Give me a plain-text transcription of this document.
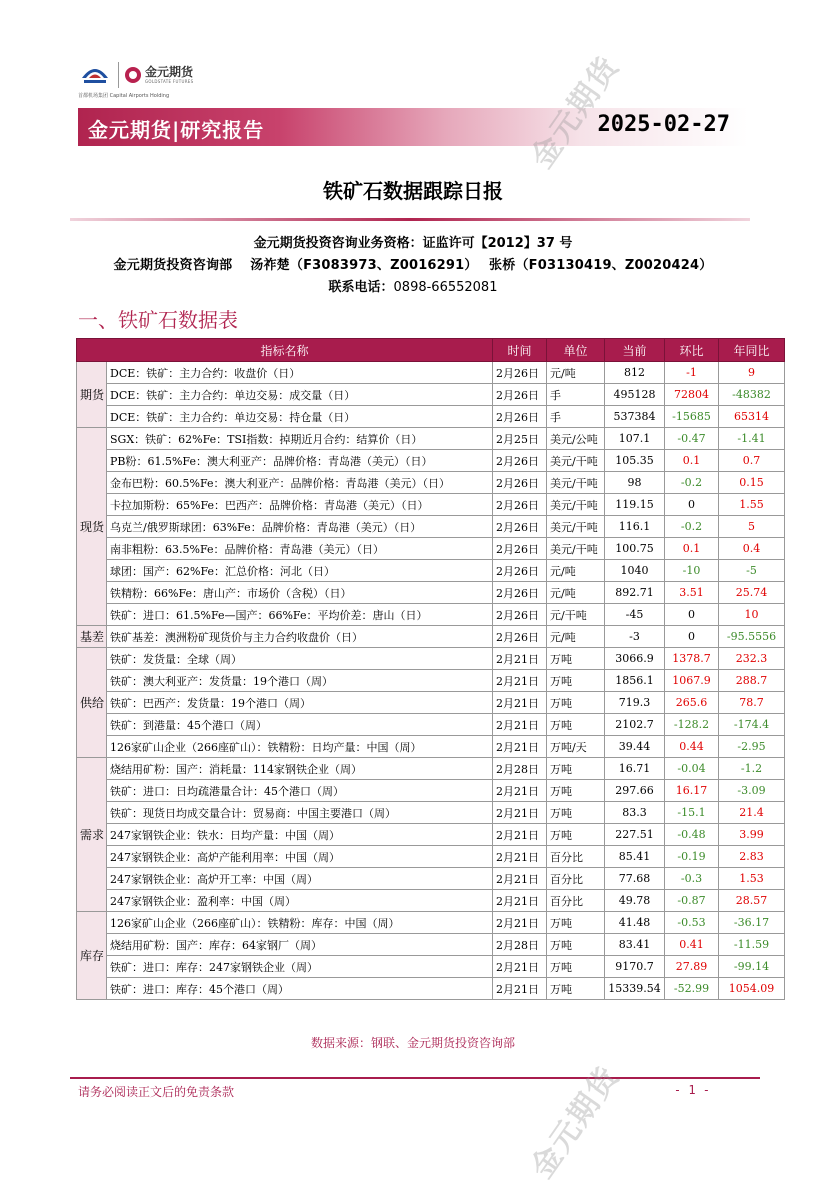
首都机场集团 Capital Airports Holding
金元期货
GOLDSTATE FUTURES
金元期货|研究报告	2025-02-27
铁矿石数据跟踪日报
金元期货投资咨询业务资格：证监许可【2012】37 号
金元期货投资咨询部　 汤祚楚（F3083973、Z0016291）　 张桥（F03130419、Z0020424）
联系电话：0898-66552081
一、铁矿石数据表
指标名称		时间	单位	当前	环比	年同比
期货	DCE：铁矿：主力合约：收盘价（日）	2月26日	元/吨	812	-1	9
	DCE：铁矿：主力合约：单边交易：成交量（日）	2月26日	手	495128	72804	-48382
	DCE：铁矿：主力合约：单边交易：持仓量（日）	2月26日	手	537384	-15685	65314
现货	SGX：铁矿：62%Fe：TSI指数：掉期近月合约：结算价（日）	2月25日	美元/公吨	107.1	-0.47	-1.41
	PB粉：61.5%Fe：澳大利亚产：品牌价格：青岛港（美元）（日）	2月26日	美元/干吨	105.35	0.1	0.7
	金布巴粉：60.5%Fe：澳大利亚产：品牌价格：青岛港（美元）（日）	2月26日	美元/干吨	98	-0.2	0.15
	卡拉加斯粉：65%Fe：巴西产：品牌价格：青岛港（美元）（日）	2月26日	美元/干吨	119.15	0	1.55
	乌克兰/俄罗斯球团：63%Fe：品牌价格：青岛港（美元）（日）	2月26日	美元/干吨	116.1	-0.2	5
	南非粗粉：63.5%Fe：品牌价格：青岛港（美元）（日）	2月26日	美元/干吨	100.75	0.1	0.4
	球团：国产：62%Fe：汇总价格：河北（日）	2月26日	元/吨	1040	-10	-5
	铁精粉：66%Fe：唐山产：市场价（含税）（日）	2月26日	元/吨	892.71	3.51	25.74
	铁矿：进口：61.5%Fe—国产：66%Fe：平均价差：唐山（日）	2月26日	元/干吨	-45	0	10
基差	铁矿基差：澳洲粉矿现货价与主力合约收盘价（日）	2月26日	元/吨	-3	0	-95.5556
供给	铁矿：发货量：全球（周）	2月21日	万吨	3066.9	1378.7	232.3
	铁矿：澳大利亚产：发货量：19个港口（周）	2月21日	万吨	1856.1	1067.9	288.7
	铁矿：巴西产：发货量：19个港口（周）	2月21日	万吨	719.3	265.6	78.7
	铁矿：到港量：45个港口（周）	2月21日	万吨	2102.7	-128.2	-174.4
	126家矿山企业（266座矿山）：铁精粉：日均产量：中国（周）	2月21日	万吨/天	39.44	0.44	-2.95
需求	烧结用矿粉：国产：消耗量：114家钢铁企业（周）	2月28日	万吨	16.71	-0.04	-1.2
	铁矿：进口：日均疏港量合计：45个港口（周）	2月21日	万吨	297.66	16.17	-3.09
	铁矿：现货日均成交量合计：贸易商：中国主要港口（周）	2月21日	万吨	83.3	-15.1	21.4
	247家钢铁企业：铁水：日均产量：中国（周）	2月21日	万吨	227.51	-0.48	3.99
	247家钢铁企业：高炉产能利用率：中国（周）	2月21日	百分比	85.41	-0.19	2.83
	247家钢铁企业：高炉开工率：中国（周）	2月21日	百分比	77.68	-0.3	1.53
	247家钢铁企业：盈利率：中国（周）	2月21日	百分比	49.78	-0.87	28.57
库存	126家矿山企业（266座矿山）：铁精粉：库存：中国（周）	2月21日	万吨	41.48	-0.53	-36.17
	烧结用矿粉：国产：库存：64家钢厂（周）	2月28日	万吨	83.41	0.41	-11.59
	铁矿：进口：库存：247家钢铁企业（周）	2月21日	万吨	9170.7	27.89	-99.14
	铁矿：进口：库存：45个港口（周）	2月21日	万吨	15339.54	-52.99	1054.09
数据来源：钢联、金元期货投资咨询部
请务必阅读正文后的免责条款	- 1 -
金元期货
金元期货
